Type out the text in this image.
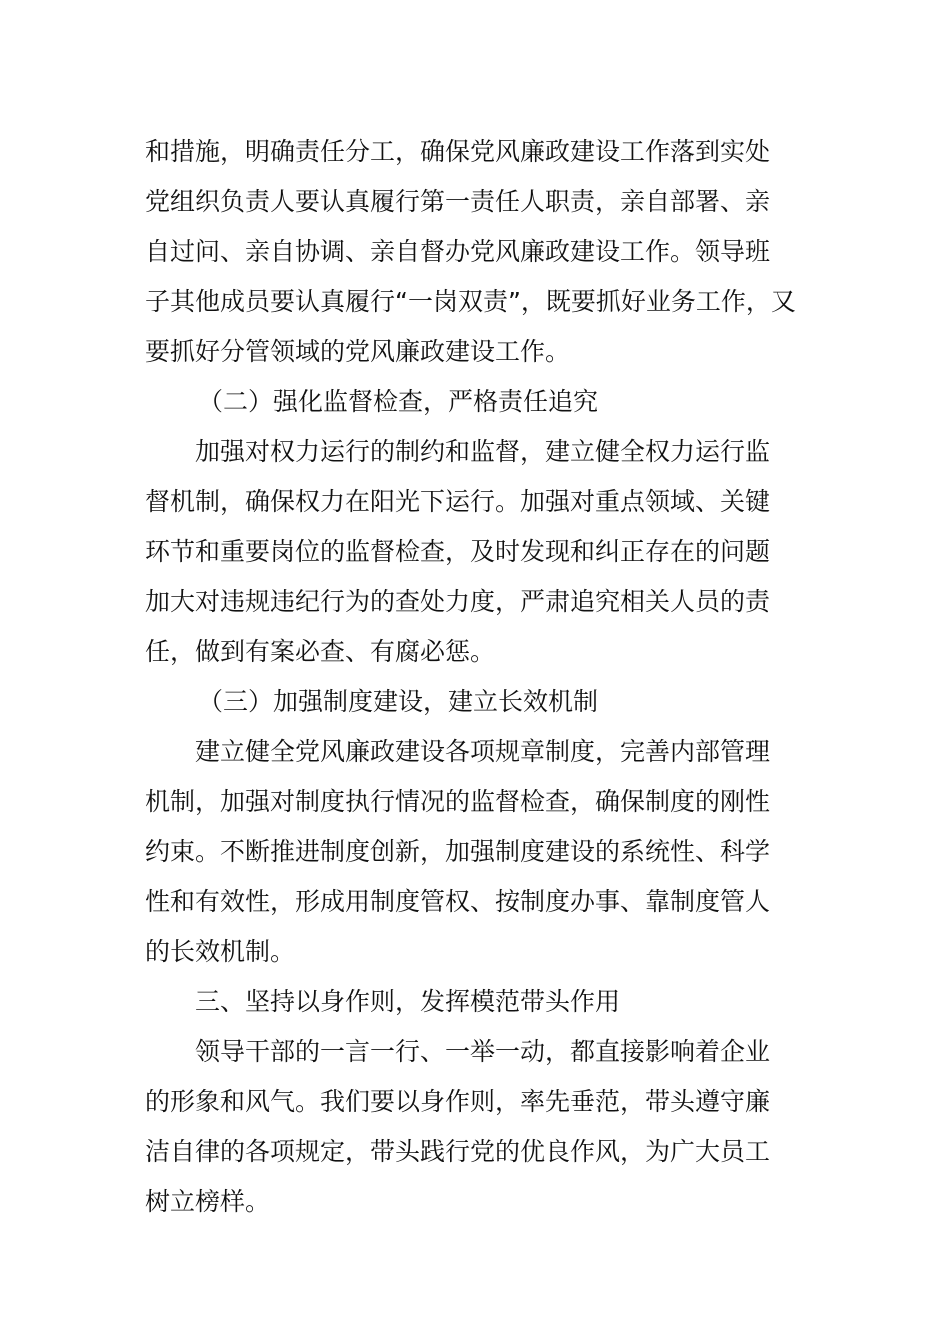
和措施，明确责任分工，确保党风廉政建设工作落到实处
党组织负责人要认真履行第一责任人职责，亲自部署、亲
自过问、亲自协调、亲自督办党风廉政建设工作。领导班
子其他成员要认真履行“一岗双责”，既要抓好业务工作，又
要抓好分管领域的党风廉政建设工作。
（二）强化监督检查，严格责任追究
加强对权力运行的制约和监督，建立健全权力运行监
督机制，确保权力在阳光下运行。加强对重点领域、关键
环节和重要岗位的监督检查，及时发现和纠正存在的问题
加大对违规违纪行为的查处力度，严肃追究相关人员的责
任，做到有案必查、有腐必惩。
（三）加强制度建设，建立长效机制
建立健全党风廉政建设各项规章制度，完善内部管理
机制，加强对制度执行情况的监督检查，确保制度的刚性
约束。不断推进制度创新，加强制度建设的系统性、科学
性和有效性，形成用制度管权、按制度办事、靠制度管人
的长效机制。
三、坚持以身作则，发挥模范带头作用
领导干部的一言一行、一举一动，都直接影响着企业
的形象和风气。我们要以身作则，率先垂范，带头遵守廉
洁自律的各项规定，带头践行党的优良作风，为广大员工
树立榜样。
